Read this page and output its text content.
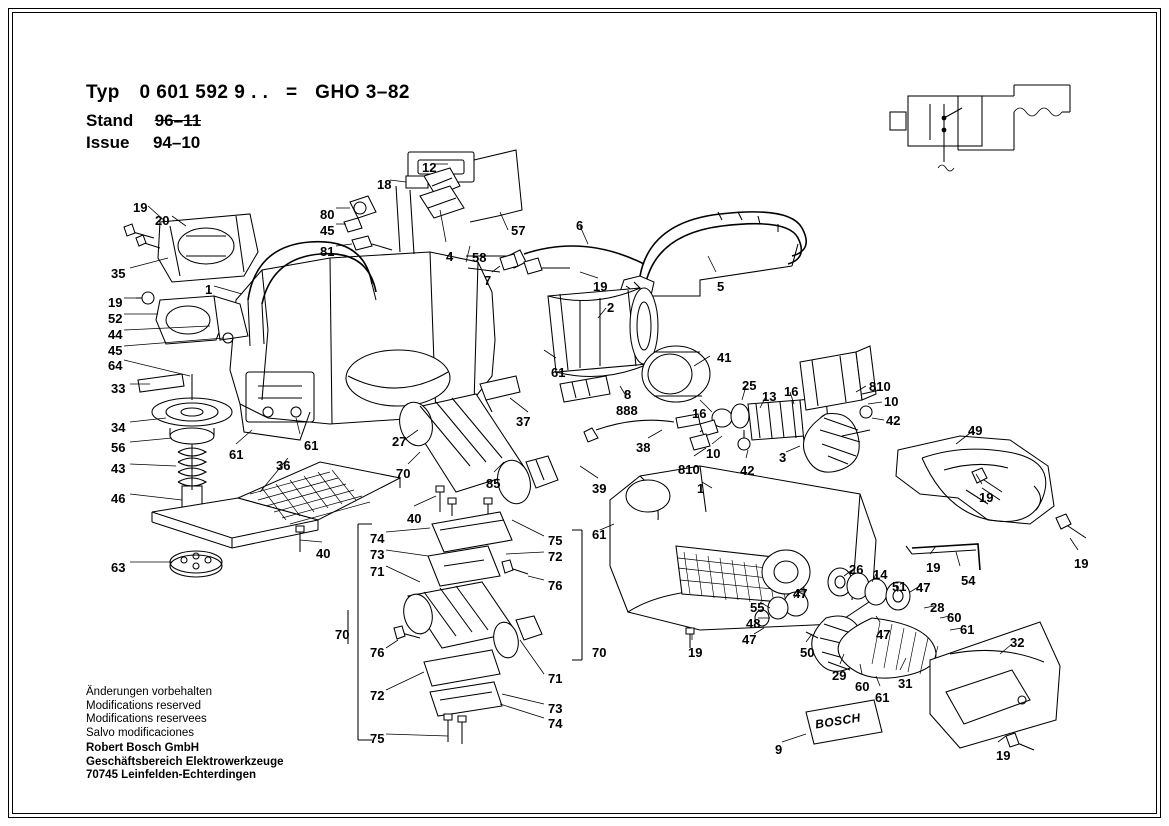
Typ 0 601 592 9 . . = GHO 3–82
Stand 96–11
Issue 94–10
Änderungen vorbehalten
Modifications reserved
Modifications reservees
Salvo modificaciones
Robert Bosch GmbH
Geschäftsbereich Elektrowerkzeuge
70745 Leinfelden-Echterdingen
BOSCH
19
20
35
19
52
44
45
64
33
34
56
43
46
63
1
61
61
36
27
40
40
80
45
81
18
12
4
57
58
7
6
19	5
2
41
61
37
8
888	16
25
13 16	810
10
42
3
10
810	42
38
39
85
70
49
19
19
54
19
1
61
19
74
73
71
75
72
76
70
76	70
71
72
73
74
75
26 14
51 47
28
60
61
32
47
55
48
47
50
29
60
61
31
47
9	19
